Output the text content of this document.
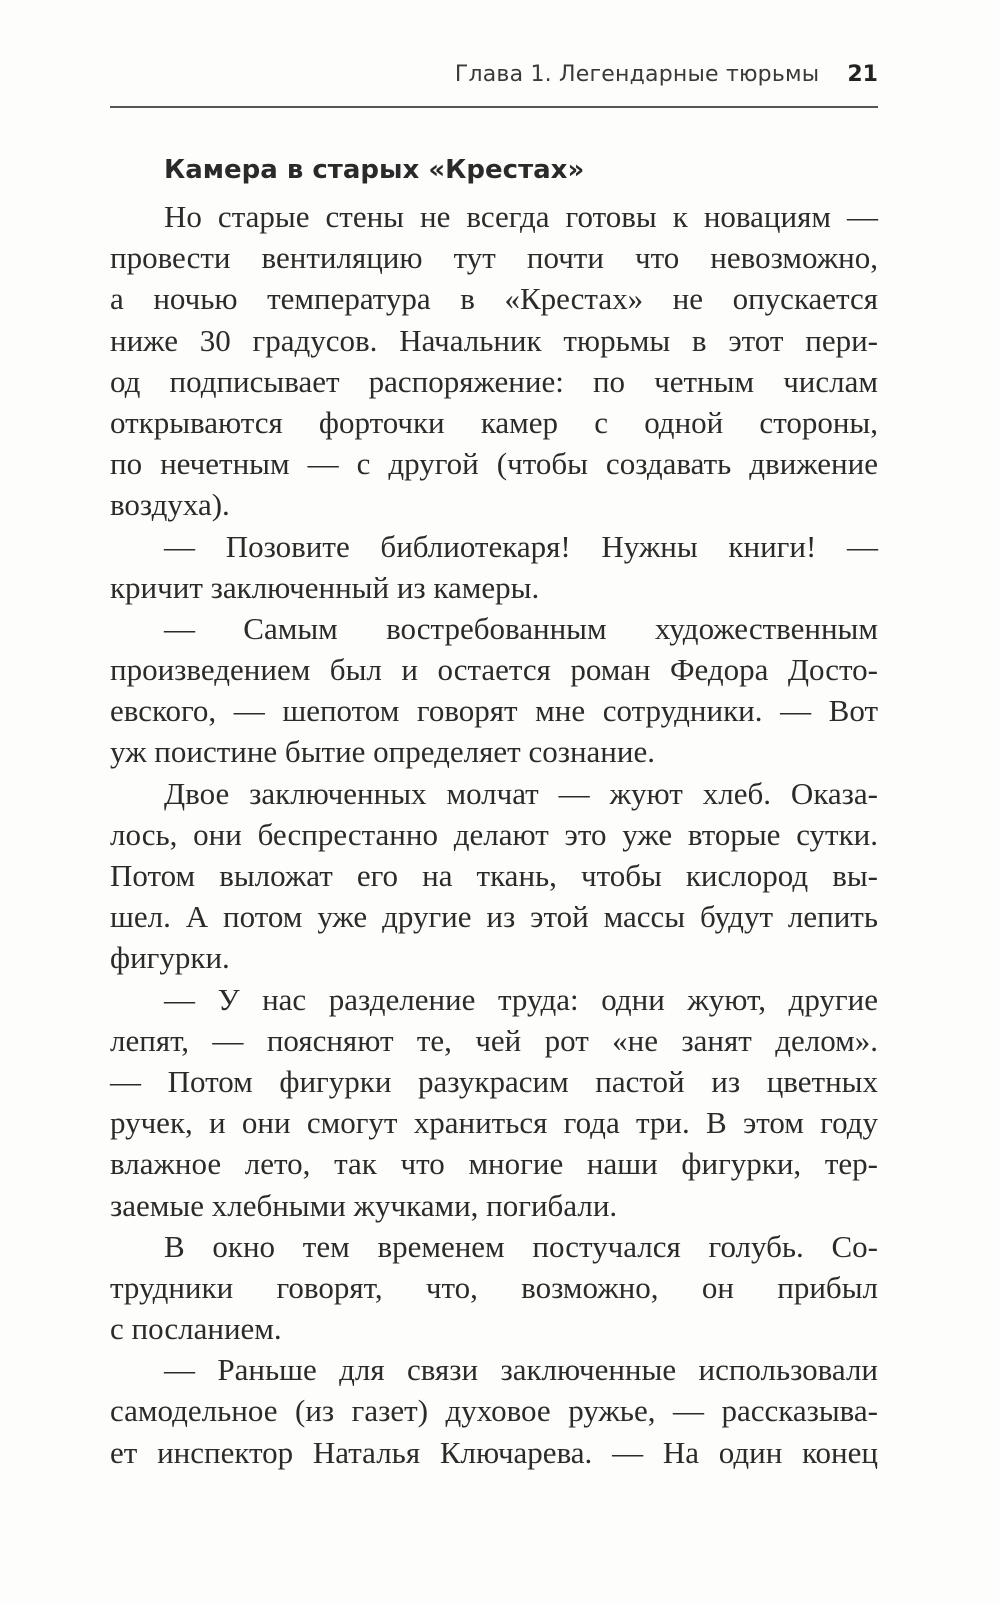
Глава 1. Легендарные тюрьмы 21
Камера в старых «Крестах»
Но старые стены не всегда готовы к новациям —
провести вентиляцию тут почти что невозможно,
а ночью температура в «Крестах» не опускается
ниже 30 градусов. Начальник тюрьмы в этот пери-
од подписывает распоряжение: по четным числам
открываются форточки камер с одной стороны,
по нечетным — с другой (чтобы создавать движение
воздуха).
— Позовите библиотекаря! Нужны книги! —
кричит заключенный из камеры.
— Самым востребованным художественным
произведением был и остается роман Федора Досто-
евского, — шепотом говорят мне сотрудники. — Вот
уж поистине бытие определяет сознание.
Двое заключенных молчат — жуют хлеб. Оказа-
лось, они беспрестанно делают это уже вторые сутки.
Потом выложат его на ткань, чтобы кислород вы-
шел. А потом уже другие из этой массы будут лепить
фигурки.
— У нас разделение труда: одни жуют, другие
лепят, — поясняют те, чей рот «не занят делом».
— Потом фигурки разукрасим пастой из цветных
ручек, и они смогут храниться года три. В этом году
влажное лето, так что многие наши фигурки, тер-
заемые хлебными жучками, погибали.
В окно тем временем постучался голубь. Со-
трудники говорят, что, возможно, он прибыл
с посланием.
— Раньше для связи заключенные использовали
самодельное (из газет) духовое ружье, — рассказыва-
ет инспектор Наталья Ключарева. — На один конец
